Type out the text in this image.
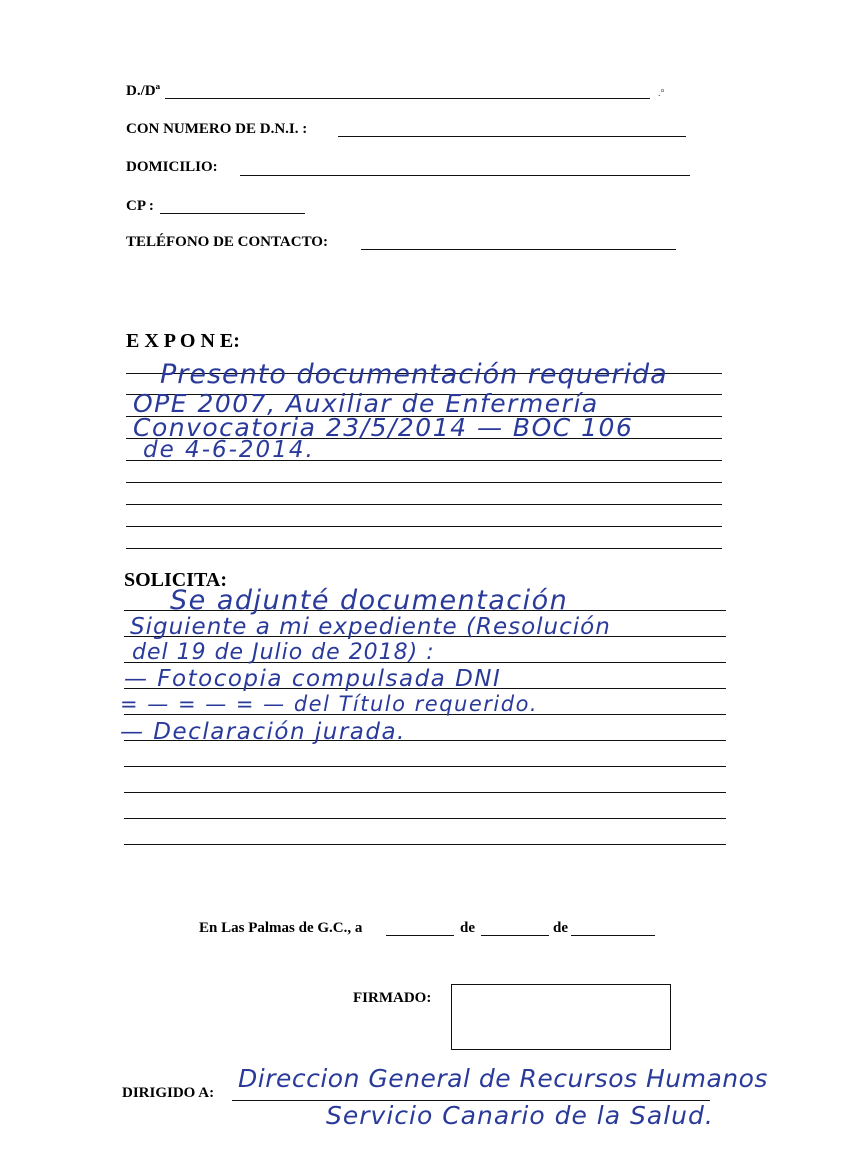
D./Dª	.°
CON NUMERO DE D.N.I. :
DOMICILIO:
CP :
TELÉFONO DE CONTACTO:
E X P O N E:
Presento documentación requerida
OPE 2007, Auxiliar de Enfermería
Convocatoria 23/5/2014 — BOC 106
de 4-6-2014.
SOLICITA:
Se adjunté documentación
Siguiente a mi expediente (Resolución
del 19 de Julio de 2018) :
— Fotocopia compulsada DNI
= — = — = — del Título requerido.
— Declaración jurada.
En Las Palmas de G.C., a	de	de
FIRMADO:
DIRIGIDO A: Direccion General de Recursos Humanos
Servicio Canario de la Salud.
